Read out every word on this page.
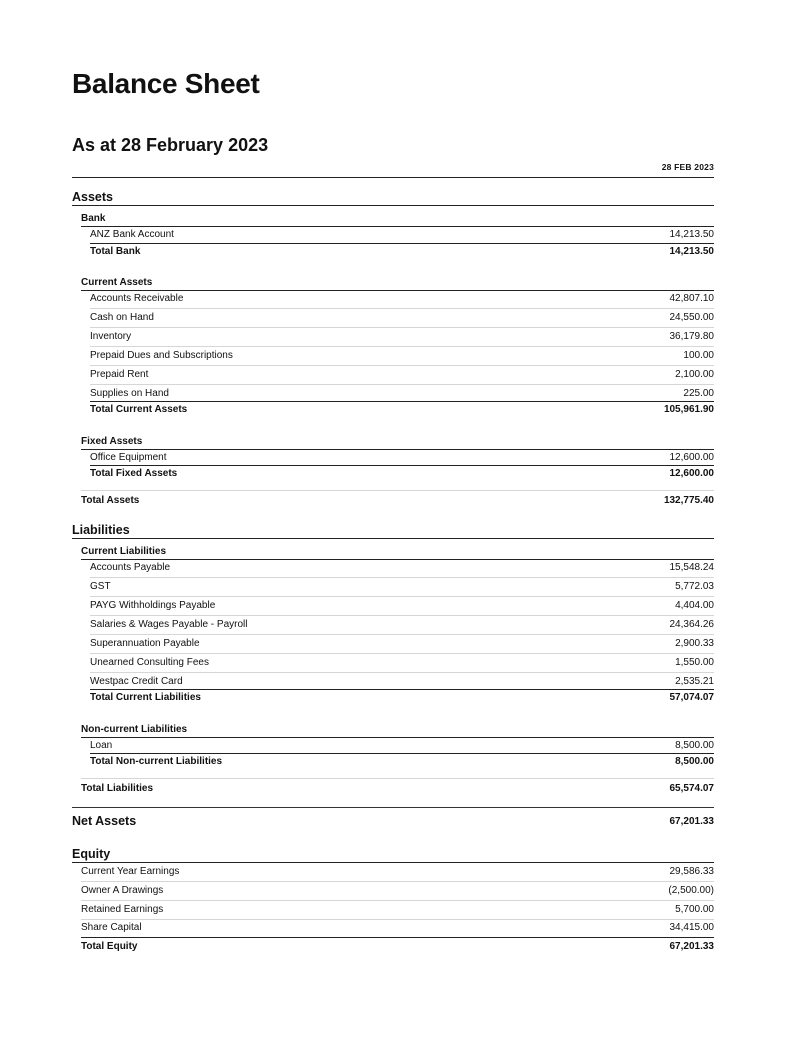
Balance Sheet
As at 28 February 2023
28 FEB 2023
Assets
Bank
ANZ Bank Account	14,213.50
Total Bank	14,213.50
Current Assets
Accounts Receivable	42,807.10
Cash on Hand	24,550.00
Inventory	36,179.80
Prepaid Dues and Subscriptions	100.00
Prepaid Rent	2,100.00
Supplies on Hand	225.00
Total Current Assets	105,961.90
Fixed Assets
Office Equipment	12,600.00
Total Fixed Assets	12,600.00
Total Assets	132,775.40
Liabilities
Current Liabilities
Accounts Payable	15,548.24
GST	5,772.03
PAYG Withholdings Payable	4,404.00
Salaries & Wages Payable - Payroll	24,364.26
Superannuation Payable	2,900.33
Unearned Consulting Fees	1,550.00
Westpac Credit Card	2,535.21
Total Current Liabilities	57,074.07
Non-current Liabilities
Loan	8,500.00
Total Non-current Liabilities	8,500.00
Total Liabilities	65,574.07
Net Assets	67,201.33
Equity
Current Year Earnings	29,586.33
Owner A Drawings	(2,500.00)
Retained Earnings	5,700.00
Share Capital	34,415.00
Total Equity	67,201.33
